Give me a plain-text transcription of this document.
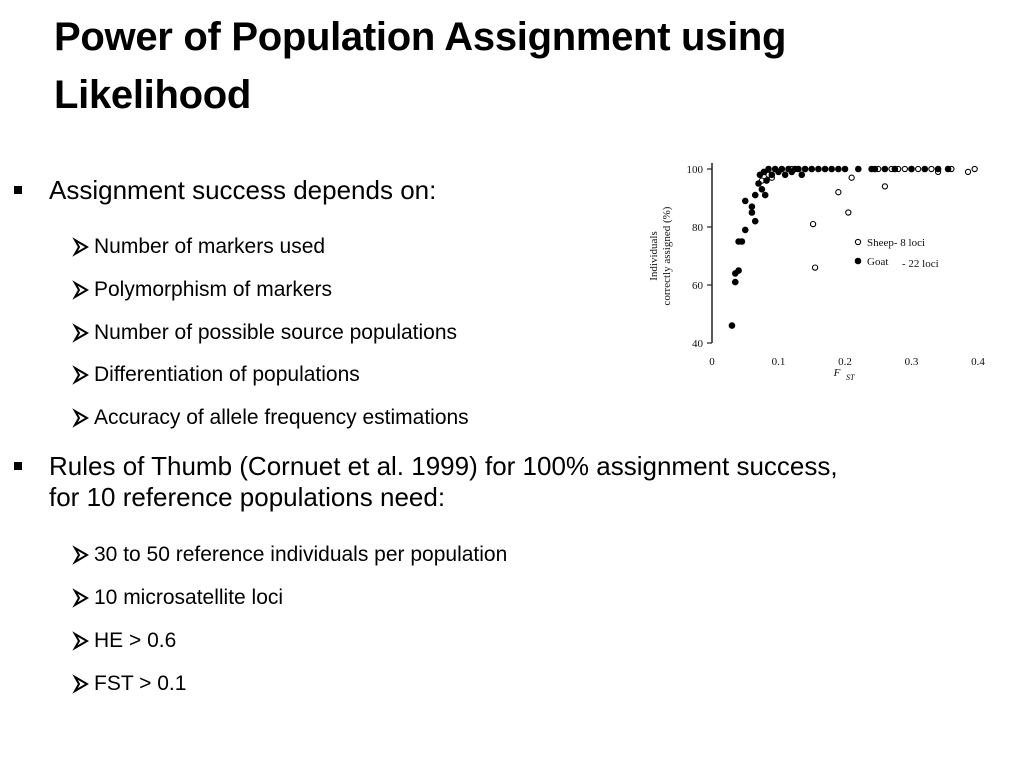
Power of Population Assignment using
Likelihood
Assignment success depends on:
Number of markers used
Polymorphism of markers
Number of possible source populations
Differentiation of populations
Accuracy of allele frequency estimations
Rules of Thumb (Cornuet et al. 1999) for 100% assignment success,
for 10 reference populations need:
30 to 50 reference individuals per population
10 microsatellite loci
HE > 0.6
FST > 0.1
40
60
80
100
0	0.1	0.2	0.3	0.4
F ST
Individuals correctly assigned (%)	Sheep- 8 loci
Goat - 22 loci
